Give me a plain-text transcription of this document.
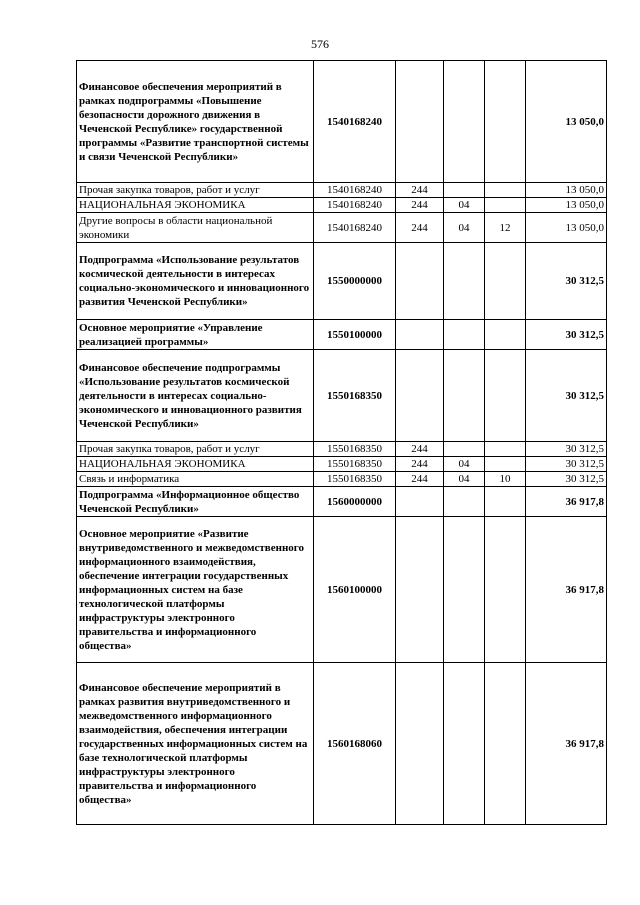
576
Финансовое обеспечения мероприятий в рамках подпрограммы «Повышение безопасности дорожного движения в Чеченской Республике» государственной программы «Развитие транспортной системы и связи Чеченской Республики»	1540168240				13 050,0
Прочая закупка товаров, работ и услуг	1540168240	244			13 050,0
НАЦИОНАЛЬНАЯ ЭКОНОМИКА	1540168240	244	04		13 050,0
Другие вопросы в области национальной экономики	1540168240	244	04	12	13 050,0
Подпрограмма «Использование результатов космической деятельности в интересах социально-экономического и инновационного развития Чеченской Республики»	1550000000				30 312,5
Основное мероприятие «Управление реализацией программы»	1550100000				30 312,5
Финансовое обеспечение подпрограммы «Использование результатов космической деятельности в интересах социально-экономического и инновационного развития Чеченской Республики»	1550168350				30 312,5
Прочая закупка товаров, работ и услуг	1550168350	244			30 312,5
НАЦИОНАЛЬНАЯ ЭКОНОМИКА	1550168350	244	04		30 312,5
Связь и информатика	1550168350	244	04	10	30 312,5
Подпрограмма «Информационное общество Чеченской Республики»	1560000000				36 917,8
Основное мероприятие «Развитие внутриведомственного и межведомственного информационного взаимодействия, обеспечение интеграции государственных информационных систем на базе технологической платформы инфраструктуры электронного правительства и информационного общества»	1560100000				36 917,8
Финансовое обеспечение мероприятий в рамках развития внутриведомственного и межведомственного информационного взаимодействия, обеспечения интеграции государственных информационных систем на базе технологической платформы инфраструктуры электронного правительства и информационного общества»	1560168060				36 917,8
